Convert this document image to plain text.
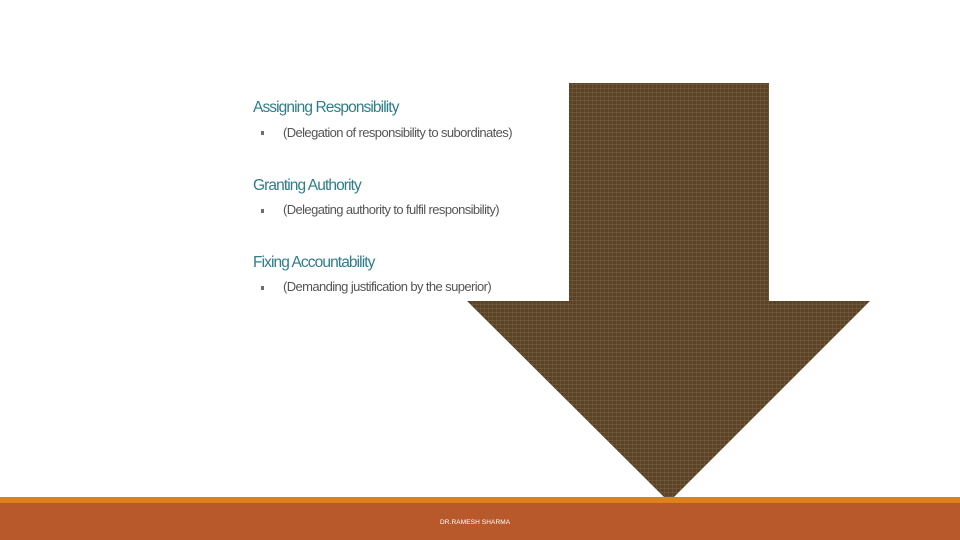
Assigning Responsibility
(Delegation of responsibility to subordinates)
Granting Authority
(Delegating authority to fulfil responsibility)
Fixing Accountability
(Demanding justification by the superior)
DR.RAMESH SHARMA
